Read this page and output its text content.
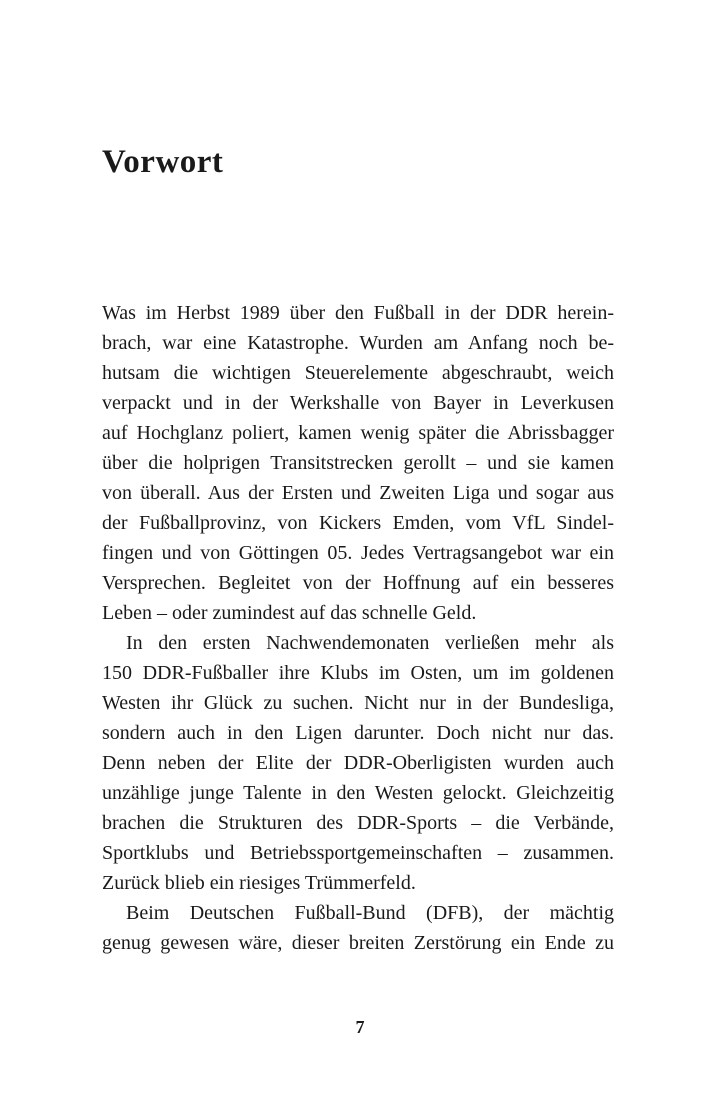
Vorwort
Was im Herbst 1989 über den Fußball in der DDR herein-
brach, war eine Katastrophe. Wurden am Anfang noch be-
hutsam die wichtigen Steuerelemente abgeschraubt, weich
verpackt und in der Werkshalle von Bayer in Leverkusen
auf Hochglanz poliert, kamen wenig später die Abrissbagger
über die holprigen Transitstrecken gerollt – und sie kamen
von überall. Aus der Ersten und Zweiten Liga und sogar aus
der Fußballprovinz, von Kickers Emden, vom VfL Sindel-
fingen und von Göttingen 05. Jedes Vertragsangebot war ein
Versprechen. Begleitet von der Hoffnung auf ein besseres
Leben – oder zumindest auf das schnelle Geld.
In den ersten Nachwendemonaten verließen mehr als
150 DDR-Fußballer ihre Klubs im Osten, um im goldenen
Westen ihr Glück zu suchen. Nicht nur in der Bundesliga,
sondern auch in den Ligen darunter. Doch nicht nur das.
Denn neben der Elite der DDR-Oberligisten wurden auch
unzählige junge Talente in den Westen gelockt. Gleichzeitig
brachen die Strukturen des DDR-Sports – die Verbände,
Sportklubs und Betriebssportgemeinschaften – zusammen.
Zurück blieb ein riesiges Trümmerfeld.
Beim Deutschen Fußball-Bund (DFB), der mächtig
genug gewesen wäre, dieser breiten Zerstörung ein Ende zu
7
